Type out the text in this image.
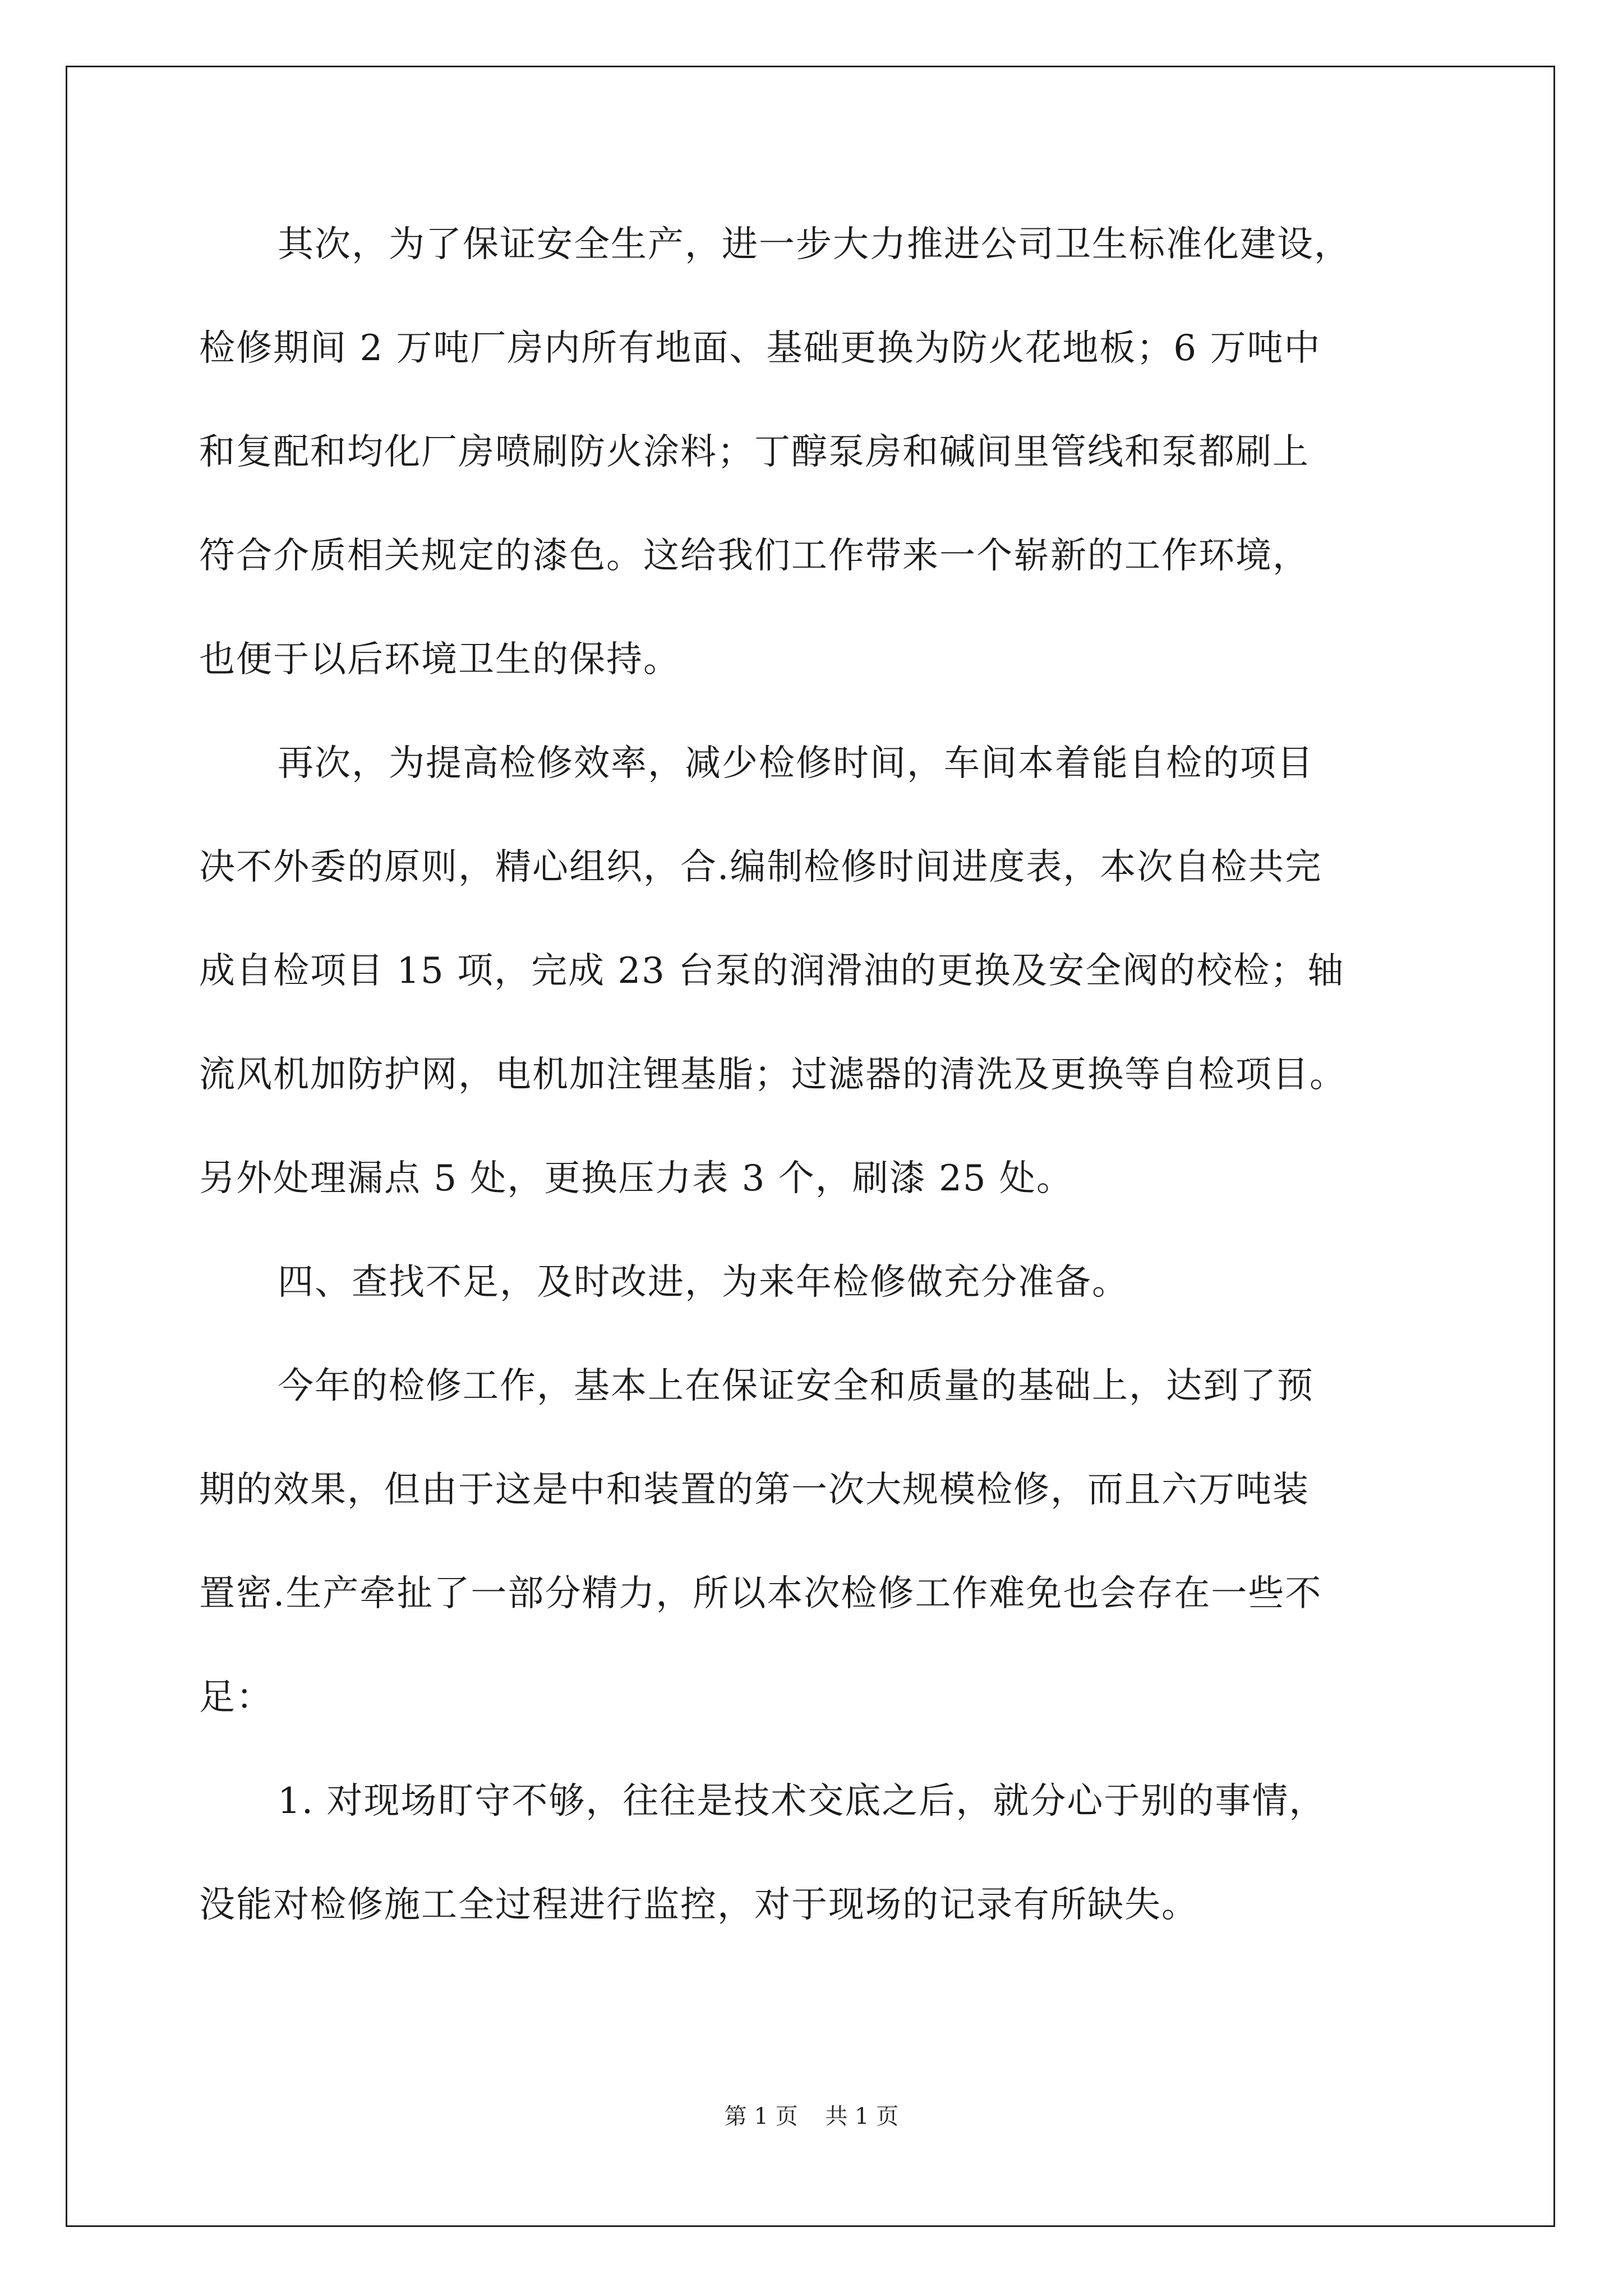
其次，为了保证安全生产，进一步大力推进公司卫生标准化建设，
检修期间 2 万吨厂房内所有地面、基础更换为防火花地板；6 万吨中
和复配和均化厂房喷刷防火涂料；丁醇泵房和碱间里管线和泵都刷上
符合介质相关规定的漆色。这给我们工作带来一个崭新的工作环境，
也便于以后环境卫生的保持。
再次，为提高检修效率，减少检修时间，车间本着能自检的项目
决不外委的原则，精心组织，合.编制检修时间进度表，本次自检共完
成自检项目 15 项，完成 23 台泵的润滑油的更换及安全阀的校检；轴
流风机加防护网，电机加注锂基脂；过滤器的清洗及更换等自检项目。
另外处理漏点 5 处，更换压力表 3 个，刷漆 25 处。
四、查找不足，及时改进，为来年检修做充分准备。
今年的检修工作，基本上在保证安全和质量的基础上，达到了预
期的效果，但由于这是中和装置的第一次大规模检修，而且六万吨装
置密.生产牵扯了一部分精力，所以本次检修工作难免也会存在一些不
足：
1. 对现场盯守不够，往往是技术交底之后，就分心于别的事情，
没能对检修施工全过程进行监控，对于现场的记录有所缺失。
第 1 页 共 1 页
